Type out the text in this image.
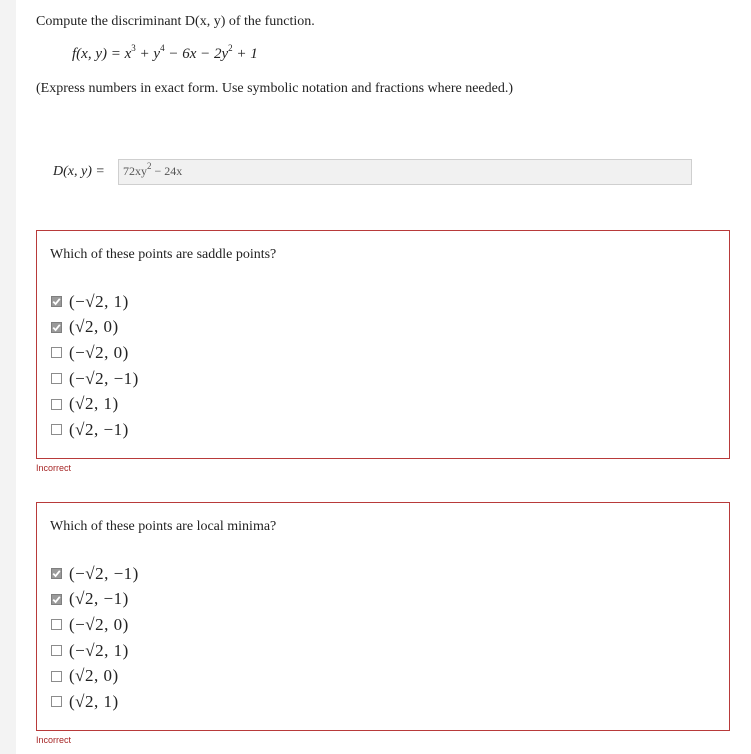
Compute the discriminant D(x, y) of the function.
f(x, $y) = x^3 + y^4 - 6x - 2y^2 + 1$
(Express numbers in exact form. Use symbolic notation and fractions where needed.)
D(x, y) =	$72xy^2 - 24x$
Which of these points are saddle points?
(−√2, 1)
(√2, 0)
(−√2, 0)
(−√2, −1)
(√2, 1)
(√2, −1)
Incorrect
Which of these points are local minima?
(−√2, −1)
(√2, −1)
(−√2, 0)
(−√2, 1)
(√2, 0)
(√2, 1)
Incorrect
